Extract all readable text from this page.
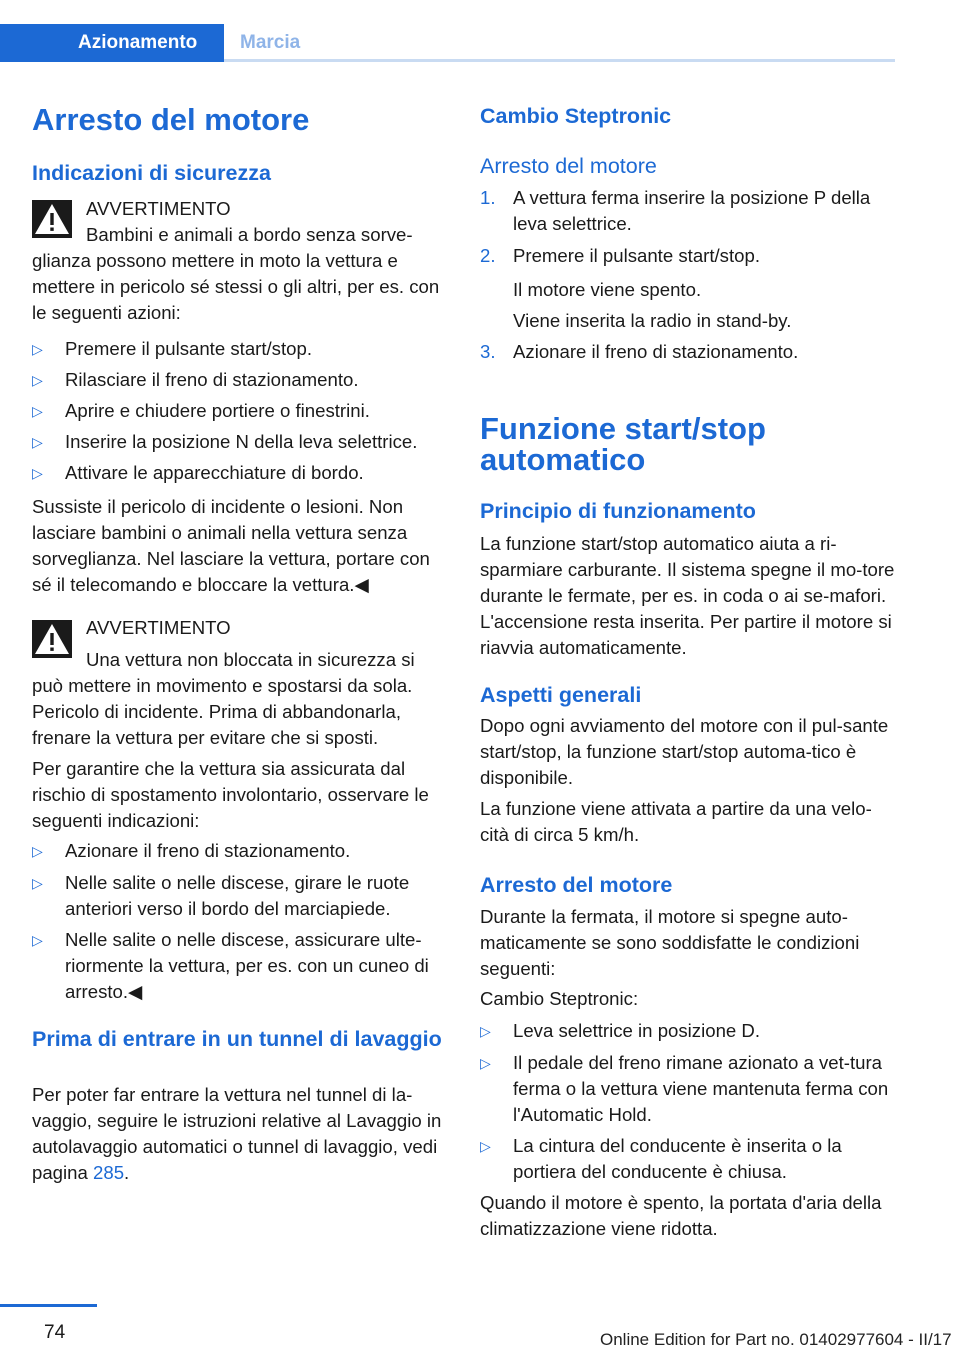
Azionamento Marcia
Arresto del motore
Indicazioni di sicurezza
AVVERTIMENTO
Bambini e animali a bordo senza sorve‐

glianza possono mettere in moto la vettura e mettere in pericolo sé stessi o gli altri, per es. con le seguenti azioni:

▷ Premere il pulsante start/stop.
▷ Rilasciare il freno di stazionamento.
▷ Aprire e chiudere portiere o finestrini.
▷ Inserire la posizione N della leva selettrice.
▷ Attivare le apparecchiature di bordo.

Sussiste il pericolo di incidente o lesioni. Non lasciare bambini o animali nella vettura senza sorveglianza. Nel lasciare la vettura, portare con sé il telecomando e bloccare la vettura.◀

AVVERTIMENTO
Una vettura non bloccata in sicurezza si

può mettere in movimento e spostarsi da sola. Pericolo di incidente. Prima di abbandonarla, frenare la vettura per evitare che si sposti.

Per garantire che la vettura sia assicurata dal rischio di spostamento involontario, osservare le seguenti indicazioni:

▷ Azionare il freno di stazionamento.
▷ Nelle salite o nelle discese, girare le ruote anteriori verso il bordo del marciapiede.
▷ Nelle salite o nelle discese, assicurare ulte‐riormente la vettura, per es. con un cuneo di arresto.◀
Prima di entrare in un tunnel di lavaggio

Per poter far entrare la vettura nel tunnel di la‐vaggio, seguire le istruzioni relative al Lavaggio in autolavaggio automatici o tunnel di lavaggio, vedi pagina 285.

Cambio Steptronic
Arresto del motore
1. A vettura ferma inserire la posizione P della leva selettrice.
2. Premere il pulsante start/stop.
Il motore viene spento.
Viene inserita la radio in stand-by.
3. Azionare il freno di stazionamento.
Funzione start/stop automatico
Principio di funzionamento

La funzione start/stop automatico aiuta a ri‐sparmiare carburante. Il sistema spegne il mo‐tore durante le fermate, per es. in coda o ai se‐mafori. L'accensione resta inserita. Per partire il motore si riavvia automaticamente.

Aspetti generali

Dopo ogni avviamento del motore con il pul‐sante start/stop, la funzione start/stop automa‐tico è disponibile.

La funzione viene attivata a partire da una velo‐cità di circa 5 km/h.

Arresto del motore

Durante la fermata, il motore si spegne auto‐maticamente se sono soddisfatte le condizioni seguenti:

Cambio Steptronic:

▷ Leva selettrice in posizione D.
▷ Il pedale del freno rimane azionato a vet‐tura ferma o la vettura viene mantenuta ferma con l'Automatic Hold.
▷ La cintura del conducente è inserita o la portiera del conducente è chiusa.

Quando il motore è spento, la portata d'aria della climatizzazione viene ridotta.

74	Online Edition for Part no. 01402977604 - II/17
